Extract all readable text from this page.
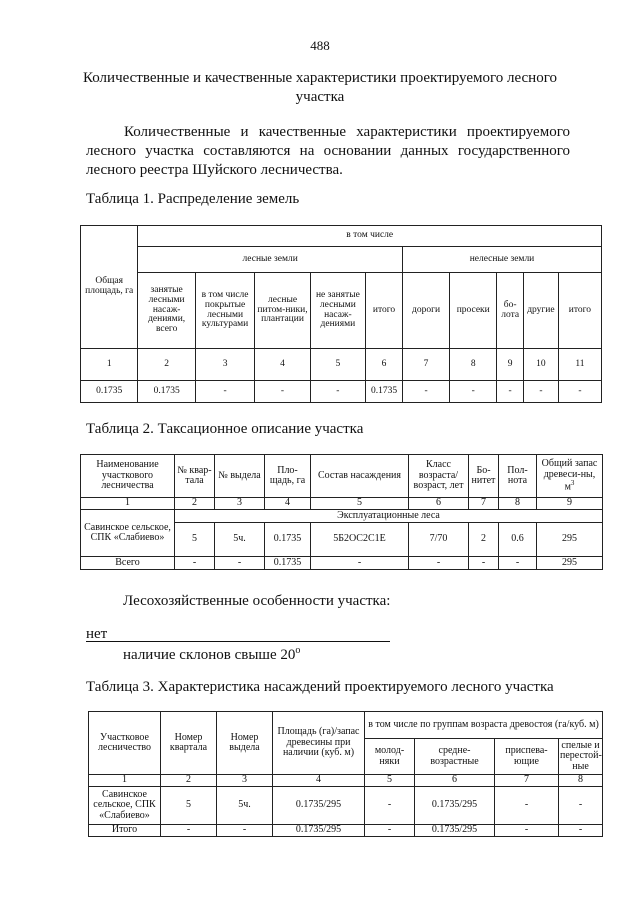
488
Количественные и качественные характеристики проектируемого лесного участка
Количественные и качественные характеристики проектируемого лесного участка составляются на основании данных государственного лесного реестра Шуйского лесничества.
Таблица 1. Распределение земель
Общая площадь, га	в том числе									
	лесные земли					нелесные земли				
	занятые лесными насаж-дениями, всего	в том числе покрытые лесными культурами	лесные питом-ники, плантации	не занятые лесными насаж-дениями	итого	дороги	просеки	бо-лота	другие	итого
1	2	3	4	5	6	7	8	9	10	11
0.1735	0.1735	-	-	-	0.1735	-	-	-	-	-
Таблица 2. Таксационное описание участка
Наименование участкового лесничества	№ квар-тала	№ выдела	Пло-щадь, га	Состав насаждения	Класс возраста/ возраст, лет	Бо-нитет	Пол-нота	Общий запас древеси-ны, $м^3$
1	2	3	4	5	6	7	8	9
Савинское сельское, СПК «Слабиево»	Эксплуатационные леса							
	5	5ч.	0.1735	5Б2ОС2С1Е	7/70	2	0.6	295
Всего	-	-	0.1735	-	-	-	-	295
Лесохозяйственные особенности участка:
нет
наличие склонов свыше $20^о$
Таблица 3. Характеристика насаждений проектируемого лесного участка
Участковое лесничество	Номер квартала	Номер выдела	Площадь (га)/запас древесины при наличии (куб. м)	в том числе по группам возраста древостоя (га/куб. м)			
				молод-няки	средне-возрастные	приспева-ющие	спелые и перестой-ные
1	2	3	4	5	6	7	8
Савинское сельское, СПК «Слабиево»	5	5ч.	0.1735/295	-	0.1735/295	-	-
Итого	-	-	0.1735/295	-	0.1735/295	-	-
